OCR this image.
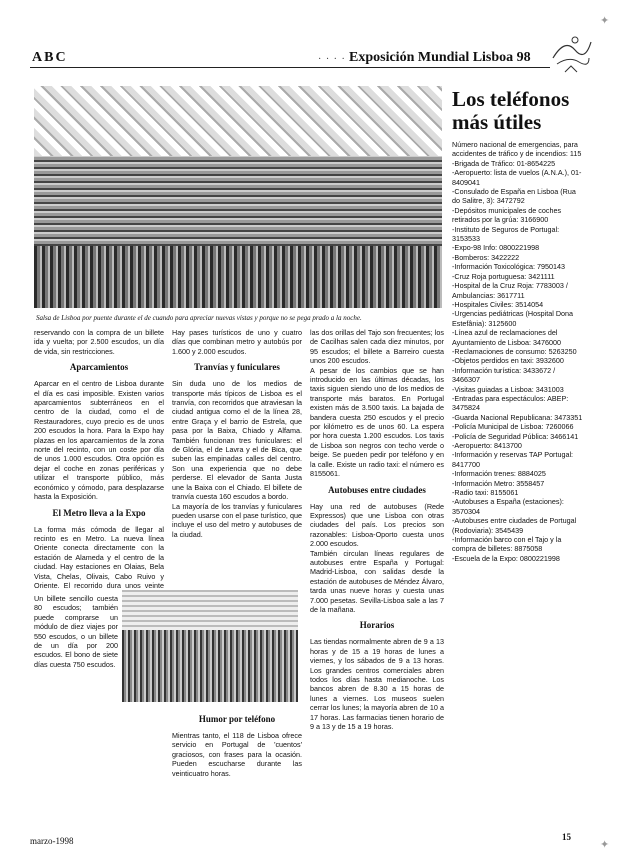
ABC	· · · · Exposición Mundial Lisboa 98
Salsa de Lisboa por puente durante el de cuando para apreciar nuevas vistas y porque no se pega prado a la noche.
Los teléfonos más útiles

Número nacional de emergencias, para accidentes de tráfico y de incendios: 115

-Brigada de Tráfico: 01-8654225

-Aeropuerto: lista de vuelos (A.N.A.), 01-8409041

-Consulado de España en Lisboa (Rua do Salitre, 3): 3472792

-Depósitos municipales de coches retirados por la grúa: 3166900

-Instituto de Seguros de Portugal: 3153533

-Expo-98 Info: 0800221998

-Bomberos: 3422222

-Información Toxicológica: 7950143

-Cruz Roja portuguesa: 3421111

-Hospital de la Cruz Roja: 7783003 / Ambulancias: 3617711

-Hospitales Civiles: 3514054

-Urgencias pediátricas (Hospital Dona Estefânia): 3125600

-Línea azul de reclamaciones del Ayuntamiento de Lisboa: 3476000

-Reclamaciones de consumo: 5263250

-Objetos perdidos en taxi: 3932600

-Información turística: 3433672 / 3466307

-Visitas guiadas a Lisboa: 3431003

-Entradas para espectáculos: ABEP: 3475824

-Guarda Nacional Republicana: 3473351

-Policía Municipal de Lisboa: 7260066

-Policía de Seguridad Pública: 3466141

-Aeropuerto: 8413700

-Información y reservas TAP Portugal: 8417700

-Información trenes: 8884025

-Información Metro: 3558457

-Radio taxi: 8155061

-Autobuses a España (estaciones): 3570304

-Autobuses entre ciudades de Portugal (Rodoviaria): 3545439

-Información barco con el Tajo y la compra de billetes: 8875058

-Escuela de la Expo: 0800221998

reservando con la compra de un billete ida y vuelta; por 2.500 escudos, un día de vida, sin restricciones.

Aparcamientos

Aparcar en el centro de Lisboa durante el día es casi imposible. Existen varios aparcamientos subterráneos en el centro de la ciudad, como el de Restauradores, cuyo precio es de unos 200 escudos la hora. Para la Expo hay plazas en los aparcamientos de la zona norte del recinto, con un coste por día de unos 1.000 escudos. Otra opción es dejar el coche en zonas periféricas y utilizar el transporte público, más económico y cómodo, para desplazarse hasta la Exposición.

El Metro lleva a la Expo

La forma más cómoda de llegar al recinto es en Metro. La nueva línea Oriente conecta directamente con la estación de Alameda y el centro de la ciudad. Hay estaciones en Olaias, Bela Vista, Chelas, Olivais, Cabo Ruivo y Oriente. El recorrido dura unos veinte

Un billete sencillo cuesta 80 escudos; también puede comprarse un módulo de diez viajes por 550 escudos, o un billete de un día por 200 escudos. El bono de siete días cuesta 750 escudos.

Hay pases turísticos de uno y cuatro días que combinan metro y autobús por 1.600 y 2.000 escudos.

Tranvías y funiculares

Sin duda uno de los medios de transporte más típicos de Lisboa es el tranvía, con recorridos que atraviesan la ciudad antigua como el de la línea 28, entre Graça y el barrio de Estrela, que pasa por la Baixa, Chiado y Alfama. También funcionan tres funiculares: el de Glória, el de Lavra y el de Bica, que suben las empinadas calles del centro. Son una experiencia que no debe perderse. El elevador de Santa Justa une la Baixa con el Chiado. El billete de tranvía cuesta 160 escudos a bordo.

La mayoría de los tranvías y funiculares pueden usarse con el pase turístico, que incluye el uso del metro y autobuses de la ciudad.

Humor por teléfono

Mientras tanto, el 118 de Lisboa ofrece servicio en Portugal de 'cuentos' graciosos, con frases para la ocasión. Pueden escucharse durante las veinticuatro horas.

las dos orillas del Tajo son frecuentes; los de Cacilhas salen cada diez minutos, por 95 escudos; el billete a Barreiro cuesta unos 200 escudos.

A pesar de los cambios que se han introducido en las últimas décadas, los taxis siguen siendo uno de los medios de transporte más baratos. En Portugal existen más de 3.500 taxis. La bajada de bandera cuesta 250 escudos y el precio por kilómetro es de unos 60. La espera por hora cuesta 1.200 escudos. Los taxis de Lisboa son negros con techo verde o beige. Se pueden pedir por teléfono y en la calle. Existe un radio taxi: el número es 8155061.

Autobuses entre ciudades

Hay una red de autobuses (Rede Expressos) que une Lisboa con otras ciudades del país. Los precios son razonables: Lisboa-Oporto cuesta unos 2.000 escudos.

También circulan líneas regulares de autobuses entre España y Portugal: Madrid-Lisboa, con salidas desde la estación de autobuses de Méndez Álvaro, tarda unas nueve horas y cuesta unas 7.000 pesetas. Sevilla-Lisboa sale a las 7 de la mañana.

Horarios

Las tiendas normalmente abren de 9 a 13 horas y de 15 a 19 horas de lunes a viernes, y los sábados de 9 a 13 horas. Los grandes centros comerciales abren todos los días hasta medianoche. Los bancos abren de 8.30 a 15 horas de lunes a viernes. Los museos suelen cerrar los lunes; la mayoría abren de 10 a 17 horas. Las farmacias tienen horario de 9 a 13 y de 15 a 19 horas.

marzo-1998	15
✦
✦
